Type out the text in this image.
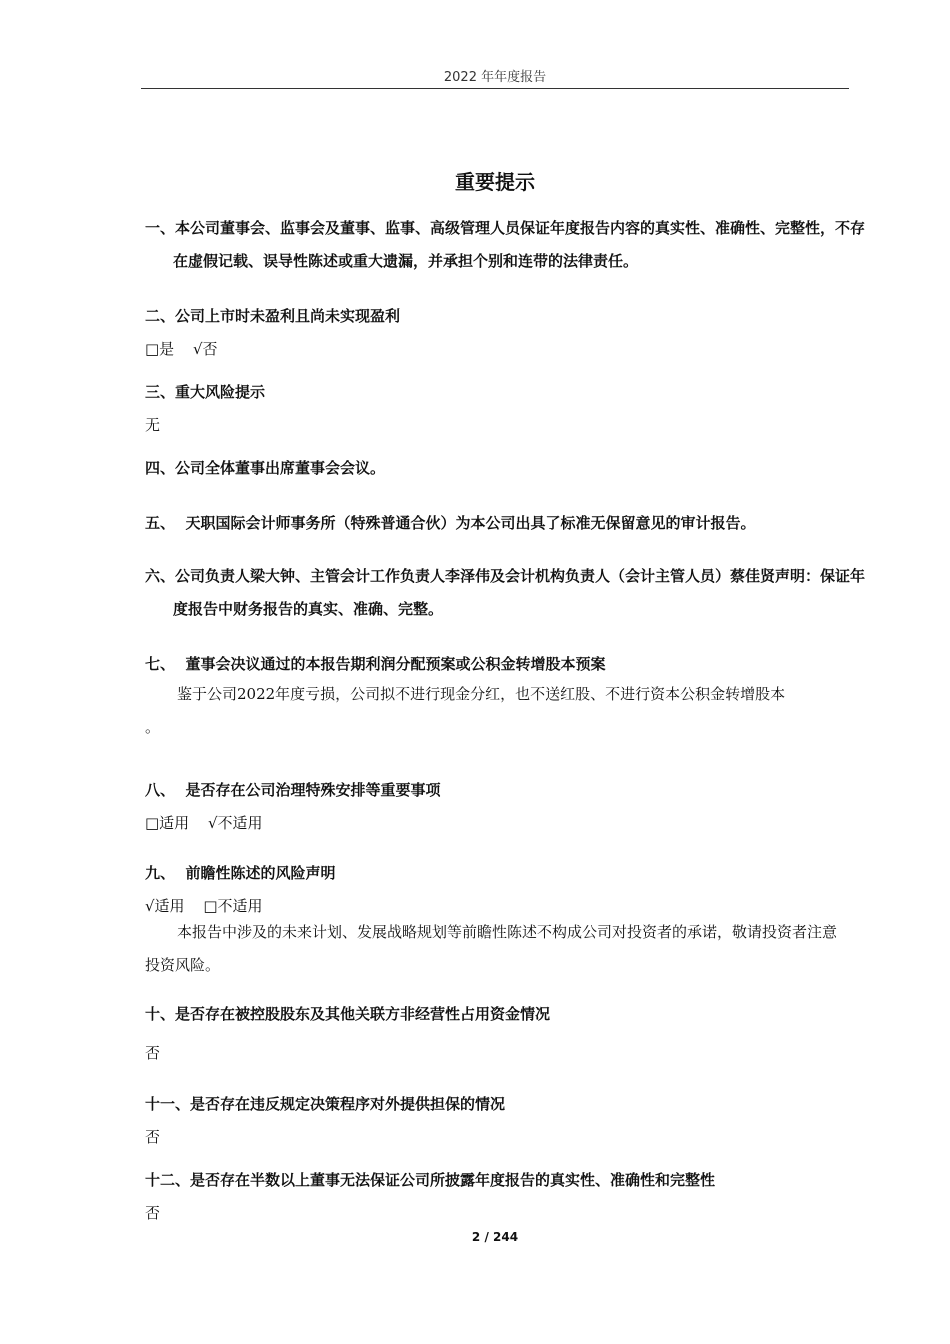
2022 年年度报告
重要提示
一、本公司董事会、监事会及董事、监事、高级管理人员保证年度报告内容的真实性、准确性、完整性，不存在虚假记载、误导性陈述或重大遗漏，并承担个别和连带的法律责任。
二、公司上市时未盈利且尚未实现盈利
□是 √否
三、重大风险提示
无
四、公司全体董事出席董事会会议。
五、  天职国际会计师事务所（特殊普通合伙）为本公司出具了标准无保留意见的审计报告。
六、公司负责人梁大钟、主管会计工作负责人李泽伟及会计机构负责人（会计主管人员）蔡佳贤声明：保证年度报告中财务报告的真实、准确、完整。
七、  董事会决议通过的本报告期利润分配预案或公积金转增股本预案
鉴于公司2022年度亏损，公司拟不进行现金分红，也不送红股、不进行资本公积金转增股本
。
八、  是否存在公司治理特殊安排等重要事项
□适用 √不适用
九、  前瞻性陈述的风险声明
√适用 □不适用
本报告中涉及的未来计划、发展战略规划等前瞻性陈述不构成公司对投资者的承诺，敬请投资者注意投资风险。
十、是否存在被控股股东及其他关联方非经营性占用资金情况
否
十一、是否存在违反规定决策程序对外提供担保的情况
否
十二、是否存在半数以上董事无法保证公司所披露年度报告的真实性、准确性和完整性
否
2 / 244
